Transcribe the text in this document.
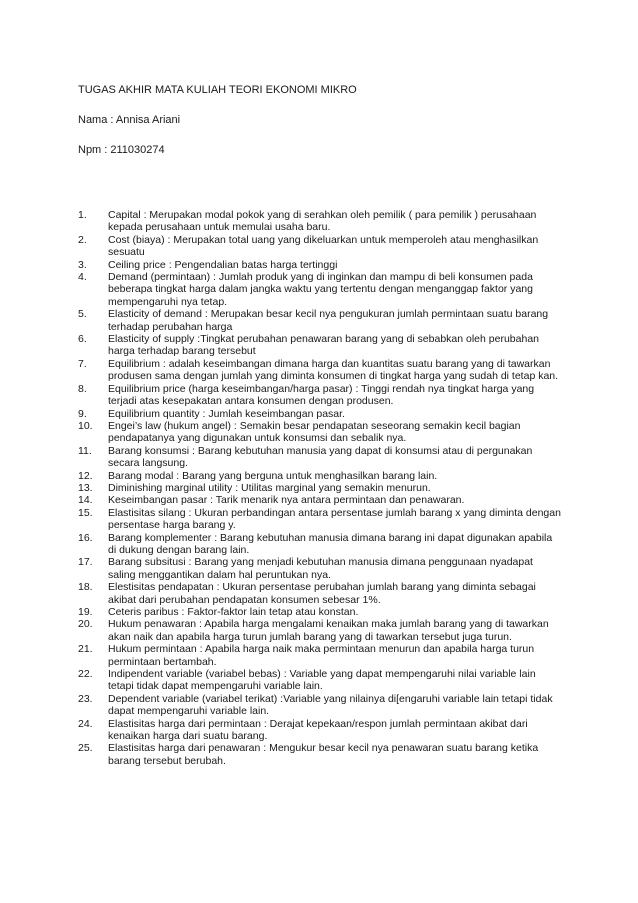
TUGAS AKHIR MATA KULIAH TEORI EKONOMI MIKRO
Nama : Annisa Ariani
Npm : 211030274
1.	Capital : Merupakan modal pokok yang di serahkan oleh pemilik ( para pemilik ) perusahaan kepada perusahaan untuk memulai usaha baru.
2.	Cost (biaya) : Merupakan total uang yang dikeluarkan untuk memperoleh atau menghasilkan sesuatu
3.	Ceiling price : Pengendalian batas harga tertinggi
4.	Demand (permintaan) : Jumlah produk yang di inginkan dan mampu di beli konsumen pada beberapa tingkat harga dalam jangka waktu yang tertentu dengan menganggap faktor yang mempengaruhi nya tetap.
5.	Elasticity of demand : Merupakan besar kecil nya pengukuran jumlah permintaan suatu barang terhadap perubahan harga
6.	Elasticity of supply :Tingkat perubahan penawaran barang yang di sebabkan oleh perubahan harga terhadap barang tersebut
7.	Equilibrium : adalah keseimbangan dimana harga dan kuantitas suatu barang yang di tawarkan produsen sama dengan jumlah yang diminta konsumen di tingkat harga yang sudah di tetap kan.
8.	Equilibrium price (harga keseimbangan/harga pasar) : Tinggi rendah nya tingkat harga yang terjadi atas kesepakatan antara konsumen dengan produsen.
9.	Equilibrium quantity : Jumlah keseimbangan pasar.
10.	Engei’s law (hukum angel) : Semakin besar pendapatan seseorang semakin kecil bagian pendapatanya yang digunakan untuk konsumsi dan sebalik nya.
11.	Barang konsumsi : Barang kebutuhan manusia yang dapat di konsumsi atau di pergunakan secara langsung.
12.	Barang modal : Barang yang berguna untuk menghasilkan barang lain.
13.	Diminishing marginal utility : Utilitas marginal yang semakin menurun.
14.	Keseimbangan pasar : Tarik menarik nya antara permintaan dan penawaran.
15.	Elastisitas silang : Ukuran perbandingan antara persentase jumlah barang x yang diminta dengan persentase harga barang y.
16.	Barang komplementer : Barang kebutuhan manusia dimana barang ini dapat digunakan apabila di dukung dengan barang lain.
17.	Barang subsitusi : Barang yang menjadi kebutuhan manusia dimana penggunaan nyadapat saling menggantikan dalam hal peruntukan nya.
18.	Elestisitas pendapatan : Ukuran persentase perubahan jumlah barang yang diminta sebagai akibat dari perubahan pendapatan konsumen sebesar 1%.
19.	Ceteris paribus : Faktor-faktor lain tetap atau konstan.
20.	Hukum penawaran : Apabila harga mengalami kenaikan maka jumlah barang yang di tawarkan akan naik dan apabila harga turun jumlah barang yang di tawarkan tersebut juga turun.
21.	Hukum permintaan : Apabila harga naik maka permintaan menurun dan apabila harga turun permintaan bertambah.
22.	Indipendent variable (variabel bebas) : Variable yang dapat mempengaruhi nilai variable lain tetapi tidak dapat mempengaruhi variable lain.
23.	Dependent variable (variabel terikat) :Variable yang nilainya di[engaruhi variable lain tetapi tidak dapat mempengaruhi variable lain.
24.	Elastisitas harga dari permintaan : Derajat kepekaan/respon jumlah permintaan akibat dari kenaikan harga dari suatu barang.
25.	Elastisitas harga dari penawaran : Mengukur besar kecil nya penawaran suatu barang ketika barang tersebut berubah.
